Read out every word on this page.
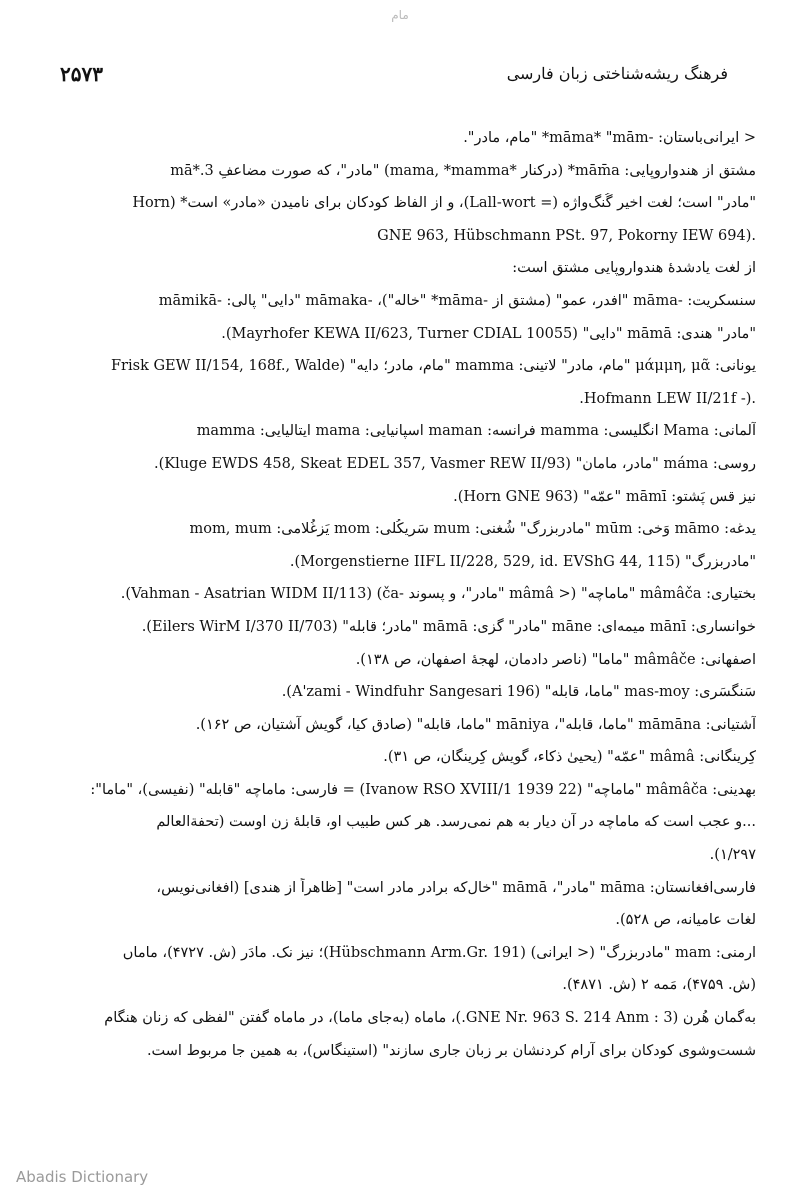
مام
۲۵۷۳	فرهنگ ریشه‌شناختی زبان فارسی
< ایرانی‌باستان: -māma* "mām* "مام، مادر".
مشتق از هندواروپایی: mām̄a* (درکنار *mama, *mamma) "مادر"، که صورت مضاعفِ 3.*mā
"مادر" است؛ لغت اخیر گُنگ‌واژه (= Lall-wort)، و از الفاظ کودکان برای نامیدن «مادر» است* (Horn
.(GNE 963, Hübschmann PSt. 97, Pokorny IEW 694
از لغت یادشدهٔ هندواروپایی مشتق است:
سنسکریت: -māma "افدر، عمو" (مشتق از -māma* "خاله")، -māmaka "دایی" پالی: -māmikā
"مادر" هندی: māmā "دایی" (Mayrhofer KEWA II/623, Turner CDIAL 10055).
یونانی: μάμμη, μᾶ "مام، مادر" لاتینی: mamma "مام، مادر؛ دایه" (Frisk GEW II/154, 168f., Walde
.(- Hofmann LEW II/21f.
آلمانی: Mama انگلیسی: mamma فرانسه: maman اسپانیایی: mama ایتالیایی: mamma
روسی: máma "مادر، مامان" (Kluge EWDS 458, Skeat EDEL 357, Vasmer REW II/93).
نیز قس پَشتو: māmī "عمّه" (Horn GNE 963).
یدغه: māmo وَخی: mūm "مادربزرگ" شُغنی: mum سَریکُلی: mom یَزغُلامی: mom, mum
"مادربزرگ" (Morgenstierne IIFL II/228, 529, id. EVShG 44, 115).
بختیاری: mâmâča "ماماچه" (< mâmâ "مادر"، و پسوند -ča) (Vahman - Asatrian WIDM II/113).
خوانساری: mānī میمه‌ای: māne "مادر" گزی: māmā "مادر؛ قابله" (Eilers WirM I/370 II/703).
اصفهانی: mâmâče "ماما" (ناصر دادمان، لهجهٔ اصفهان، ص ۱۳۸).
سَنگسَری: mas-moy "ماما، قابله" (A'zami - Windfuhr Sangesari 196).
آشتیانی: māmāna "ماما، قابله"، māniya "ماما، قابله" (صادق کیا، گویش آشتیان، ص ۱۶۲).
کِرینگانی: mâmâ "عمّه" (یحییٰ ذکاء، گویش کِرینگان، ص ۳۱).
بهدینی: mâmâča "ماماچه" (Ivanow RSO XVIII/1 1939 22) = فارسی: ماماچه "قابله" (نفیسی)، "ماما":
...و عجب است که ماماچه در آن دیار به هم نمی‌رسد. هر کس طبیب او، قابلهٔ زن اوست (تحفة‌العالم
۱/۲۹۷).
فارسی‌افغانستان: māma "مادر"، māmā "خال‌که برادر مادر است" [ظاهراً از هندی] (افغانی‌نویس،
لغات عامیانه، ص ۵۲۸).
ارمنی: mam "مادربزرگ" (< ایرانی) (Hübschmann Arm.Gr. 191)؛ نیز نک. مادَر (ش. ۴۷۲۷)، ماماں
(ش. ۴۷۵۹)، مَمه ۲ (ش. ۴۸۷۱).
به‌گمان هُرن (3 : GNE Nr. 963 S. 214 Anm.)، ماماه (به‌جای ماما)، در ماماه گفتن "لفظی که زنان هنگام
شست‌وشوی کودکان برای آرام کردنشان بر زبان جاری سازند" (استینگاس)، به همین جا مربوط است.
Abadis Dictionary
